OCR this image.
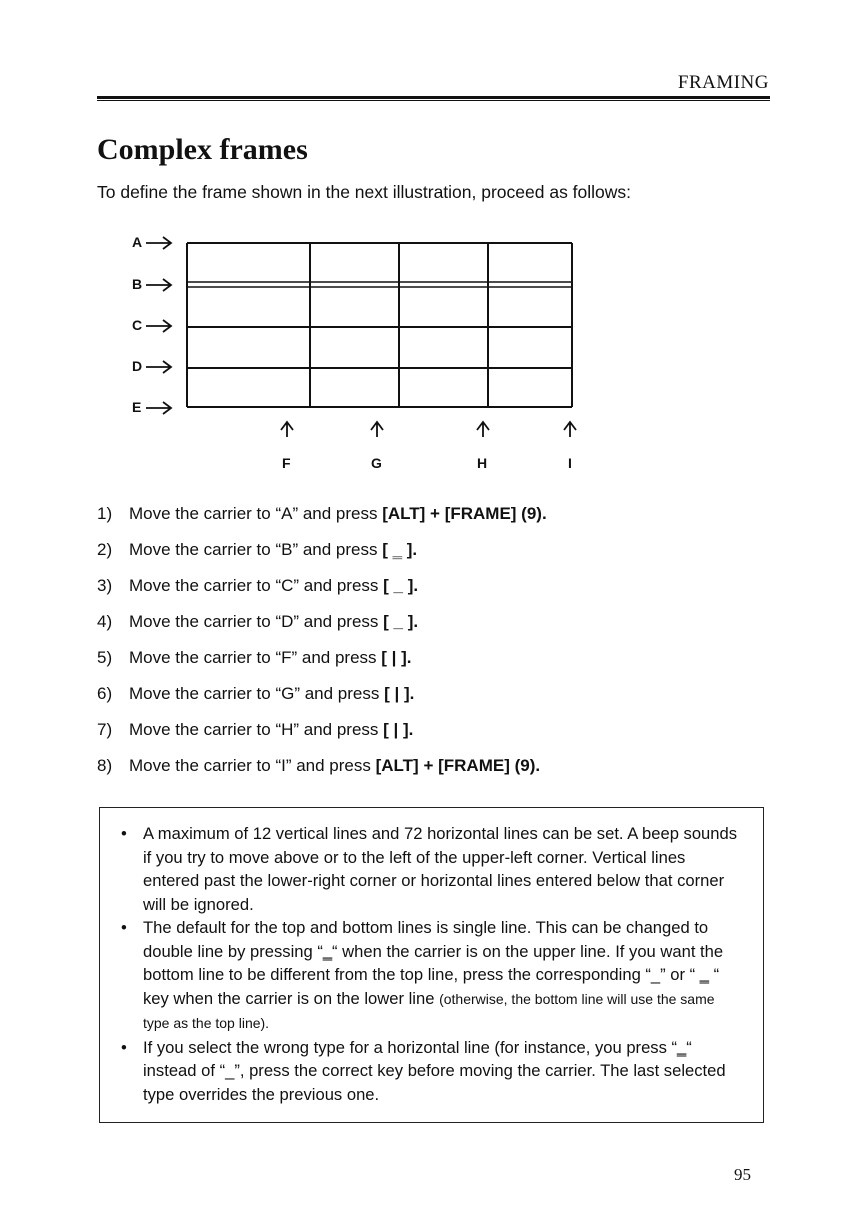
FRAMING
Complex frames

To define the frame shown in the next illustration, proceed as follows:

A
B
C
D
E
F	G	H	I
1) Move the carrier to “A” and press
[ALT] + [FRAME] (9).
2) Move the carrier to “B” and press
[ ‗ ].
3) Move the carrier to “C” and press
[ _ ].
4) Move the carrier to “D” and press
[ _ ].
5) Move the carrier to “F” and press
[ | ].
6) Move the carrier to “G” and press
[ | ].
7) Move the carrier to “H” and press
[ | ].
8) Move the carrier to “I” and press
[ALT] + [FRAME] (9).
• A maximum of 12 vertical lines and 72 horizontal lines can be set. A beep sounds if you try to move above or to the left of the upper-left corner. Vertical lines entered past the lower-right corner or horizontal lines entered below that corner will be ignored.
• The default for the top and bottom lines is single line. This can be changed to double line by pressing “‗“ when the carrier is on the upper line. If you want the bottom line to be different from the top line, press the corresponding “_” or “ ‗ “ key when the carrier is on the lower line (otherwise, the bottom line will use the same type as the top line).
• If you select the wrong type for a horizontal line (for instance, you press “‗“ instead of “_”, press the correct key before moving the carrier. The last selected type overrides the previous one.
95
